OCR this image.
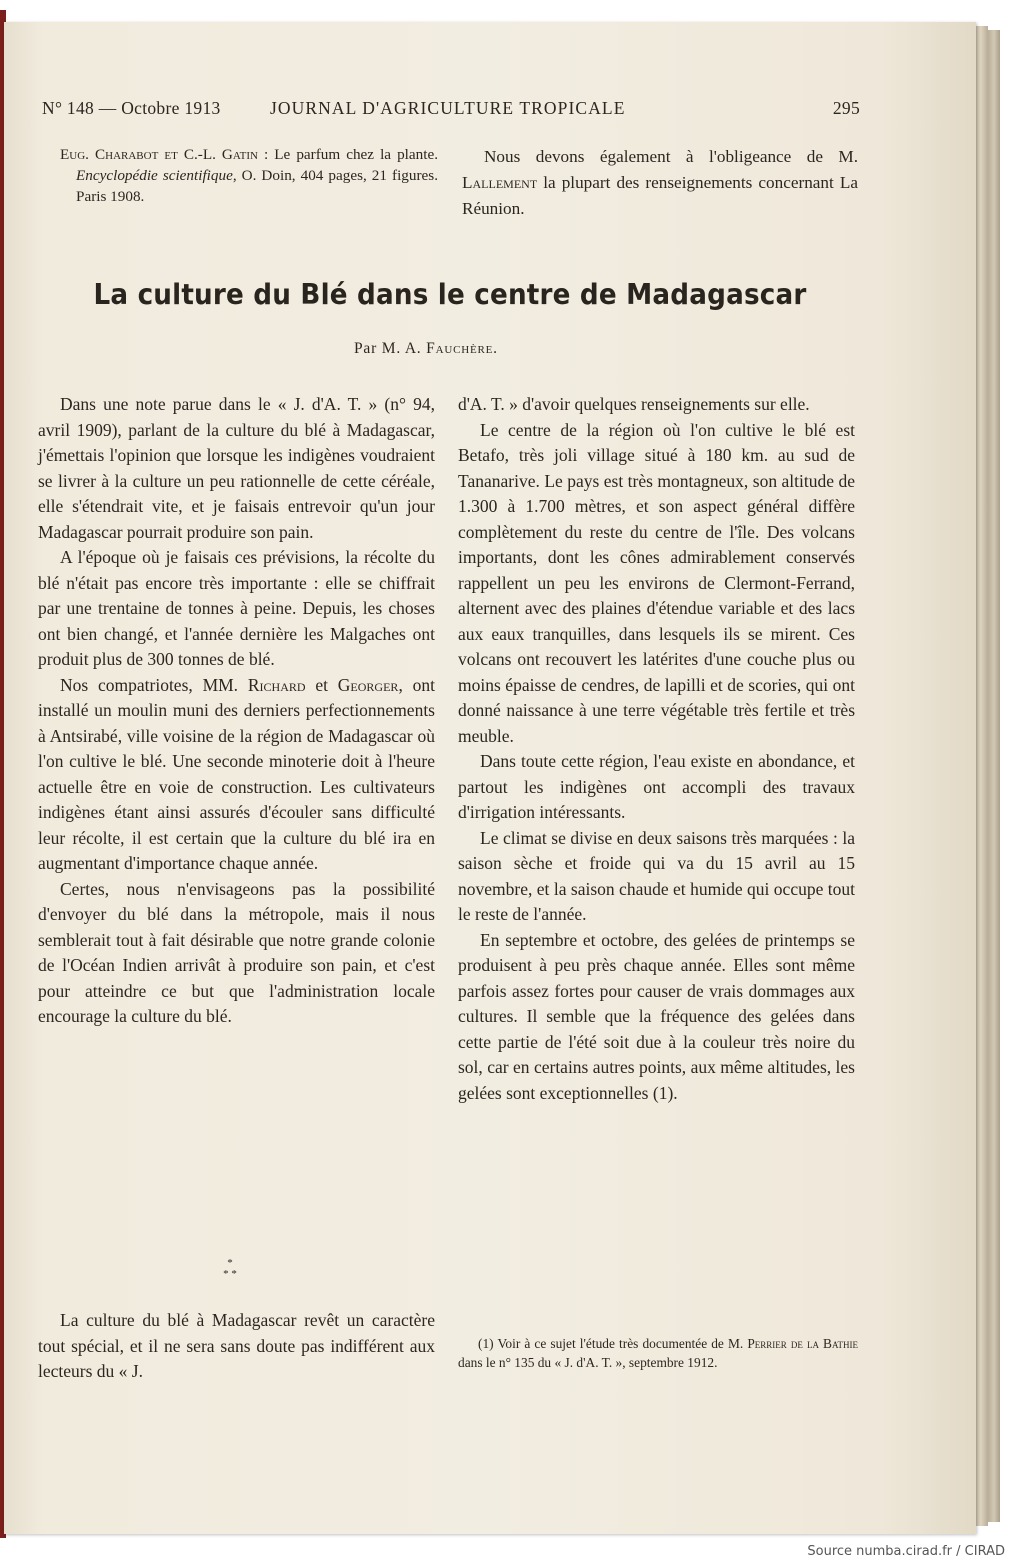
N° 148 — Octobre 1913	JOURNAL D'AGRICULTURE TROPICALE	295

Eug. Charabot et C.-L. Gatin : Le parfum chez la plante. Encyclopédie scientifique, O. Doin, 404 pages, 21 figures. Paris 1908.

Nous devons également à l'obligeance de M. Lallement la plupart des renseignements concernant La Réunion.

La culture du Blé dans le centre de Madagascar
Par M. A. Fauchère.

Dans une note parue dans le « J. d'A. T. » (n° 94, avril 1909), parlant de la culture du blé à Madagascar, j'émettais l'opinion que lorsque les indigènes voudraient se livrer à la culture un peu rationnelle de cette céréale, elle s'étendrait vite, et je faisais entrevoir qu'un jour Madagascar pourrait produire son pain.

A l'époque où je faisais ces prévisions, la récolte du blé n'était pas encore très importante : elle se chiffrait par une trentaine de tonnes à peine. Depuis, les choses ont bien changé, et l'année dernière les Malgaches ont produit plus de 300 tonnes de blé.

Nos compatriotes, MM. Richard et Georger, ont installé un moulin muni des derniers perfectionnements à Antsirabé, ville voisine de la région de Madagascar où l'on cultive le blé. Une seconde minoterie doit à l'heure actuelle être en voie de construction. Les cultivateurs indigènes étant ainsi assurés d'écouler sans difficulté leur récolte, il est certain que la culture du blé ira en augmentant d'importance chaque année.

Certes, nous n'envisageons pas la possibilité d'envoyer du blé dans la métropole, mais il nous semblerait tout à fait désirable que notre grande colonie de l'Océan Indien arrivât à produire son pain, et c'est pour atteindre ce but que l'administration locale encourage la culture du blé.

*
* *

La culture du blé à Madagascar revêt un caractère tout spécial, et il ne sera sans doute pas indifférent aux lecteurs du « J.

d'A. T. » d'avoir quelques renseignements sur elle.

Le centre de la région où l'on cultive le blé est Betafo, très joli village situé à 180 km. au sud de Tananarive. Le pays est très montagneux, son altitude de 1.300 à 1.700 mètres, et son aspect général diffère complètement du reste du centre de l'île. Des volcans importants, dont les cônes admirablement conservés rappellent un peu les environs de Clermont-Ferrand, alternent avec des plaines d'étendue variable et des lacs aux eaux tranquilles, dans lesquels ils se mirent. Ces volcans ont recouvert les latérites d'une couche plus ou moins épaisse de cendres, de lapilli et de scories, qui ont donné naissance à une terre végétable très fertile et très meuble.

Dans toute cette région, l'eau existe en abondance, et partout les indigènes ont accompli des travaux d'irrigation intéressants.

Le climat se divise en deux saisons très marquées : la saison sèche et froide qui va du 15 avril au 15 novembre, et la saison chaude et humide qui occupe tout le reste de l'année.

En septembre et octobre, des gelées de printemps se produisent à peu près chaque année. Elles sont même parfois assez fortes pour causer de vrais dommages aux cultures. Il semble que la fréquence des gelées dans cette partie de l'été soit due à la couleur très noire du sol, car en certains autres points, aux même altitudes, les gelées sont exceptionnelles (1).

(1) Voir à ce sujet l'étude très documentée de M. Perrier de la Bathie dans le n° 135 du « J. d'A. T. », septembre 1912.

Source numba.cirad.fr / CIRAD
